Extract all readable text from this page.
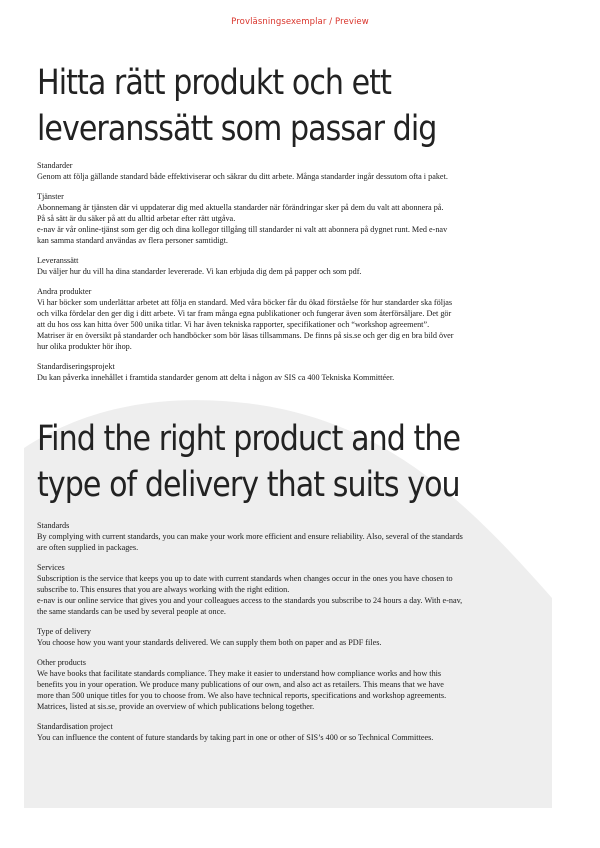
Provläsningsexemplar / Preview
Hitta rätt produkt och ett
leveranssätt som passar dig
Standarder
Genom att följa gällande standard både effektiviserar och säkrar du ditt arbete. Många standarder ingår dessutom ofta i paket.
Tjänster
Abonnemang är tjänsten där vi uppdaterar dig med aktuella standarder när förändringar sker på dem du valt att abonnera på.
På så sätt är du säker på att du alltid arbetar efter rätt utgåva.
e-nav är vår online-tjänst som ger dig och dina kollegor tillgång till standarder ni valt att abonnera på dygnet runt. Med e-nav
kan samma standard användas av flera personer samtidigt.
Leveranssätt
Du väljer hur du vill ha dina standarder levererade. Vi kan erbjuda dig dem på papper och som pdf.
Andra produkter
Vi har böcker som underlättar arbetet att följa en standard. Med våra böcker får du ökad förståelse för hur standarder ska följas
och vilka fördelar den ger dig i ditt arbete. Vi tar fram många egna publikationer och fungerar även som återförsäljare. Det gör
att du hos oss kan hitta över 500 unika titlar. Vi har även tekniska rapporter, specifikationer och “workshop agreement”.
Matriser är en översikt på standarder och handböcker som bör läsas tillsammans. De finns på sis.se och ger dig en bra bild över
hur olika produkter hör ihop.
Standardiseringsprojekt
Du kan påverka innehållet i framtida standarder genom att delta i någon av SIS ca 400 Tekniska Kommittéer.
Find the right product and the
type of delivery that suits you
Standards
By complying with current standards, you can make your work more efficient and ensure reliability. Also, several of the standards
are often supplied in packages.
Services
Subscription is the service that keeps you up to date with current standards when changes occur in the ones you have chosen to
subscribe to. This ensures that you are always working with the right edition.
e-nav is our online service that gives you and your colleagues access to the standards you subscribe to 24 hours a day. With e-nav,
the same standards can be used by several people at once.
Type of delivery
You choose how you want your standards delivered. We can supply them both on paper and as PDF files.
Other products
We have books that facilitate standards compliance. They make it easier to understand how compliance works and how this
benefits you in your operation. We produce many publications of our own, and also act as retailers. This means that we have
more than 500 unique titles for you to choose from. We also have technical reports, specifications and workshop agreements.
Matrices, listed at sis.se, provide an overview of which publications belong together.
Standardisation project
You can influence the content of future standards by taking part in one or other of SIS’s 400 or so Technical Committees.
